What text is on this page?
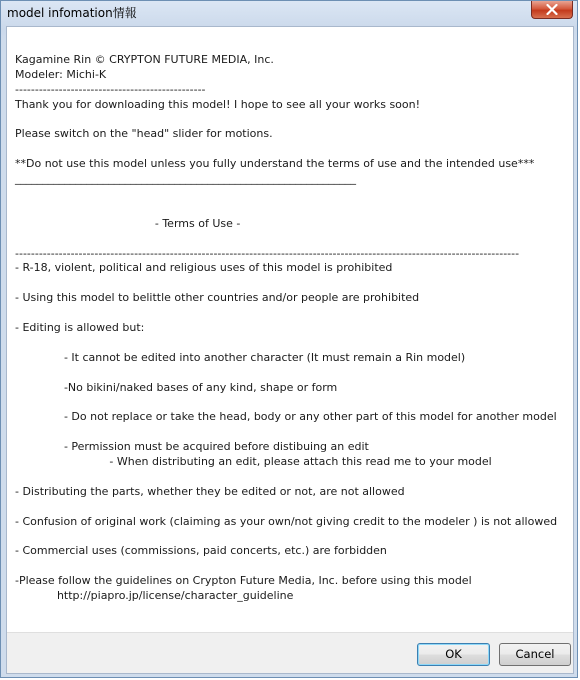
model infomation情報
Kagamine Rin © CRYPTON FUTURE MEDIA, Inc.
Modeler: Michi-K
------------------------------------------------
Thank you for downloading this model! I hope to see all your works soon!
Please switch on the "head" slider for motions.
**Do not use this model unless you fully understand the terms of use and the intended use***
______________________________________________________________
- Terms of Use -
-------------------------------------------------------------------------------------------------------------------------------
- R-18, violent, political and religious uses of this model is prohibited
- Using this model to belittle other countries and/or people are prohibited
- Editing is allowed but:
- It cannot be edited into another character (It must remain a Rin model)
-No bikini/naked bases of any kind, shape or form
- Do not replace or take the head, body or any other part of this model for another model
- Permission must be acquired before distibuing an edit
- When distributing an edit, please attach this read me to your model
- Distributing the parts, whether they be edited or not, are not allowed
- Confusion of original work (claiming as your own/not giving credit to the modeler ) is not allowed
- Commercial uses (commissions, paid concerts, etc.) are forbidden
-Please follow the guidelines on Crypton Future Media, Inc. before using this model
http://piapro.jp/license/character_guideline
OK	Cancel
